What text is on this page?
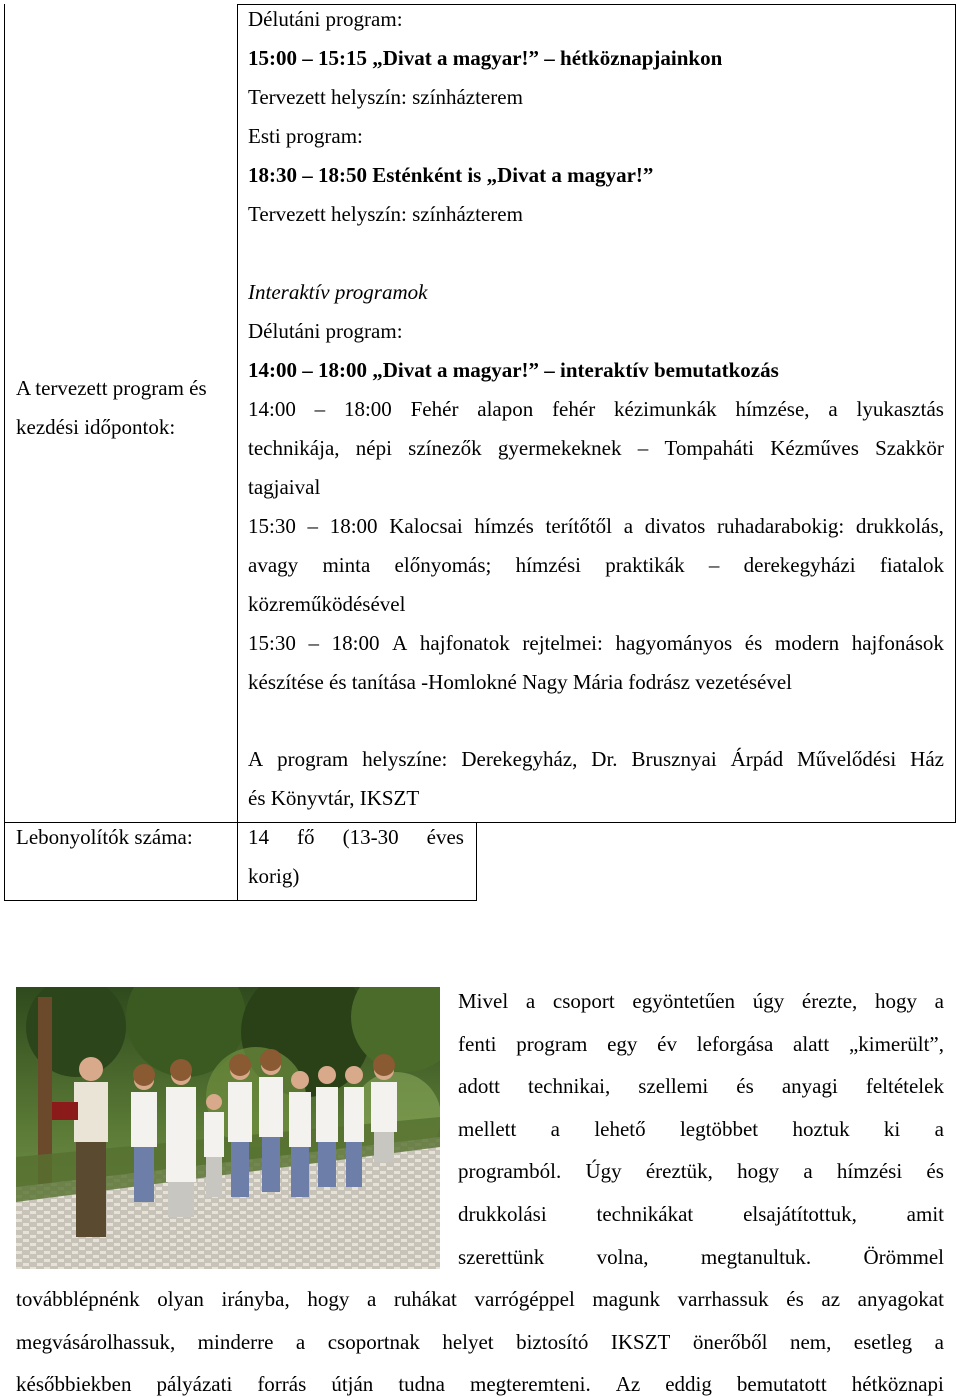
Délutáni program:
15:00 – 15:15 „Divat a magyar!” – hétköznapjainkon
Tervezett helyszín: színházterem
Esti program:
18:30 – 18:50 Esténként is „Divat a magyar!”
Tervezett helyszín: színházterem
A tervezett program és
kezdési időpontok:
Interaktív programok
Délutáni program:
14:00 – 18:00 „Divat a magyar!” – interaktív bemutatkozás
14:00 – 18:00 Fehér alapon fehér kézimunkák hímzése, a lyukasztás
technikája, népi színezők gyermekeknek – Tompaháti Kézműves Szakkör
tagjaival
15:30 – 18:00 Kalocsai hímzés terítőtől a divatos ruhadarabokig: drukkolás,
avagy minta előnyomás; hímzési praktikák – derekegyházi fiatalok
közreműködésével
15:30 – 18:00 A hajfonatok rejtelmei: hagyományos és modern hajfonások
készítése és tanítása -Homlokné Nagy Mária fodrász vezetésével
A program helyszíne: Derekegyház, Dr. Brusznyai Árpád Művelődési Ház
és Könyvtár, IKSZT
Lebonyolítók száma:	14 fő (13-30 éves
korig)
Mivel a csoport egyöntetűen úgy érezte, hogy a
fenti program egy év leforgása alatt „kimerült”,
adott technikai, szellemi és anyagi feltételek
mellett a lehető legtöbbet hoztuk ki a
programból. Úgy éreztük, hogy a hímzési és
drukkolási technikákat elsajátítottuk, amit
szerettünk volna, megtanultuk. Örömmel
továbblépnénk olyan irányba, hogy a ruhákat varrógéppel magunk varrhassuk és az anyagokat
megvásárolhassuk, minderre a csoportnak helyet biztosító IKSZT önerőből nem, esetleg a
későbbiekben pályázati forrás útján tudna megteremteni. Az eddig bemutatott hétköznapi
